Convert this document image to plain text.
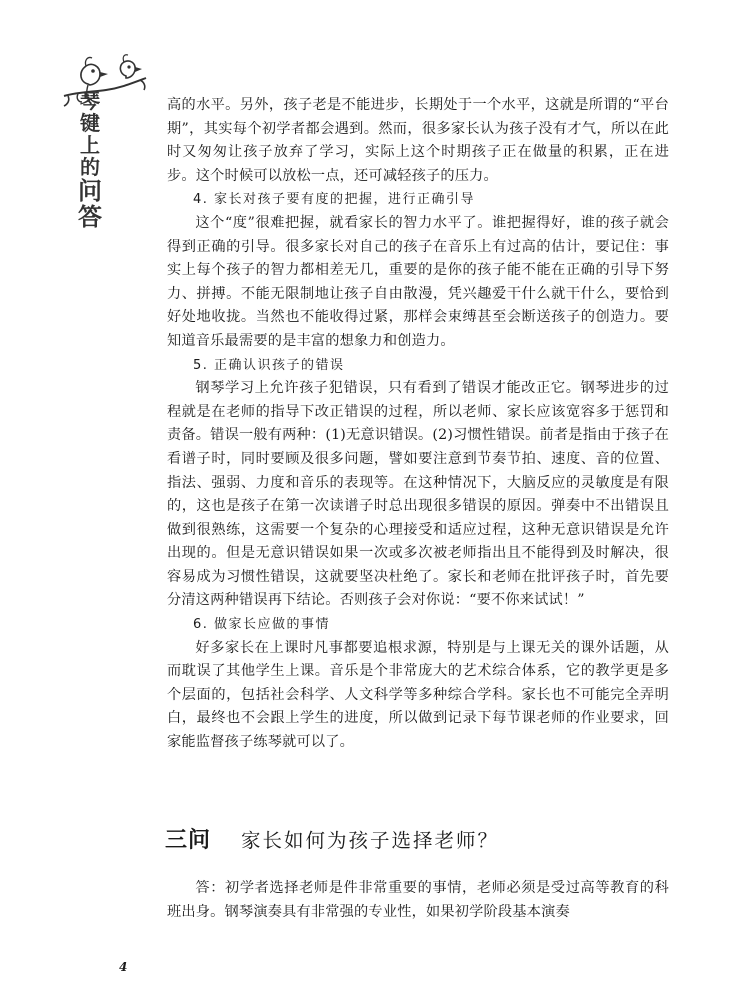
琴
键
上
的
问
答

高的水平。另外，孩子老是不能进步，长期处于一个水平，这就是所谓的“平台期”，其实每个初学者都会遇到。然而，很多家长认为孩子没有才气，所以在此时又匆匆让孩子放弃了学习，实际上这个时期孩子正在做量的积累，正在进步。这个时候可以放松一点，还可减轻孩子的压力。

4. 家长对孩子要有度的把握，进行正确引导

这个“度”很难把握，就看家长的智力水平了。谁把握得好，谁的孩子就会得到正确的引导。很多家长对自己的孩子在音乐上有过高的估计，要记住：事实上每个孩子的智力都相差无几，重要的是你的孩子能不能在正确的引导下努力、拼搏。不能无限制地让孩子自由散漫，凭兴趣爱干什么就干什么，要恰到好处地收拢。当然也不能收得过紧，那样会束缚甚至会断送孩子的创造力。要知道音乐最需要的是丰富的想象力和创造力。

5. 正确认识孩子的错误

钢琴学习上允许孩子犯错误，只有看到了错误才能改正它。钢琴进步的过程就是在老师的指导下改正错误的过程，所以老师、家长应该宽容多于惩罚和责备。错误一般有两种：(1)无意识错误。(2)习惯性错误。前者是指由于孩子在看谱子时，同时要顾及很多问题，譬如要注意到节奏节拍、速度、音的位置、指法、强弱、力度和音乐的表现等。在这种情况下，大脑反应的灵敏度是有限的，这也是孩子在第一次读谱子时总出现很多错误的原因。弹奏中不出错误且做到很熟练，这需要一个复杂的心理接受和适应过程，这种无意识错误是允许出现的。但是无意识错误如果一次或多次被老师指出且不能得到及时解决，很容易成为习惯性错误，这就要坚决杜绝了。家长和老师在批评孩子时，首先要分清这两种错误再下结论。否则孩子会对你说：“要不你来试试！”

6. 做家长应做的事情

好多家长在上课时凡事都要追根求源，特别是与上课无关的课外话题，从而耽误了其他学生上课。音乐是个非常庞大的艺术综合体系，它的教学更是多个层面的，包括社会科学、人文科学等多种综合学科。家长也不可能完全弄明白，最终也不会跟上学生的进度，所以做到记录下每节课老师的作业要求，回家能监督孩子练琴就可以了。

三问 家长如何为孩子选择老师？

答：初学者选择老师是件非常重要的事情，老师必须是受过高等教育的科班出身。钢琴演奏具有非常强的专业性，如果初学阶段基本演奏

4
